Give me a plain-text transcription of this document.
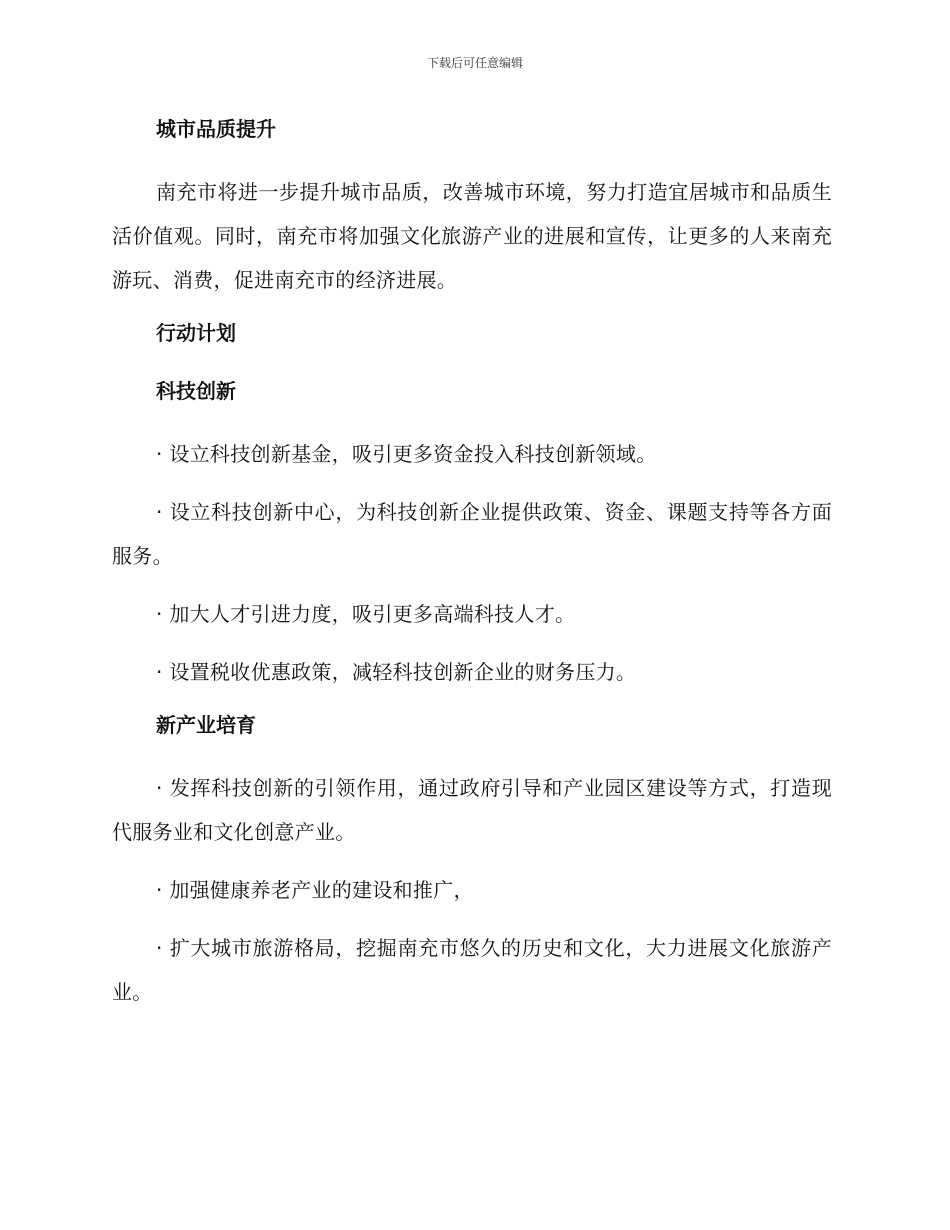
下载后可任意编辑
城市品质提升

南充市将进一步提升城市品质，改善城市环境，努力打造宜居城市和品质生活价值观。同时，南充市将加强文化旅游产业的进展和宣传，让更多的人来南充游玩、消费，促进南充市的经济进展。

行动计划
科技创新

· 设立科技创新基金，吸引更多资金投入科技创新领域。

· 设立科技创新中心，为科技创新企业提供政策、资金、课题支持等各方面服务。

· 加大人才引进力度，吸引更多高端科技人才。

· 设置税收优惠政策，减轻科技创新企业的财务压力。

新产业培育

· 发挥科技创新的引领作用，通过政府引导和产业园区建设等方式，打造现代服务业和文化创意产业。

· 加强健康养老产业的建设和推广，

· 扩大城市旅游格局，挖掘南充市悠久的历史和文化，大力进展文化旅游产业。
